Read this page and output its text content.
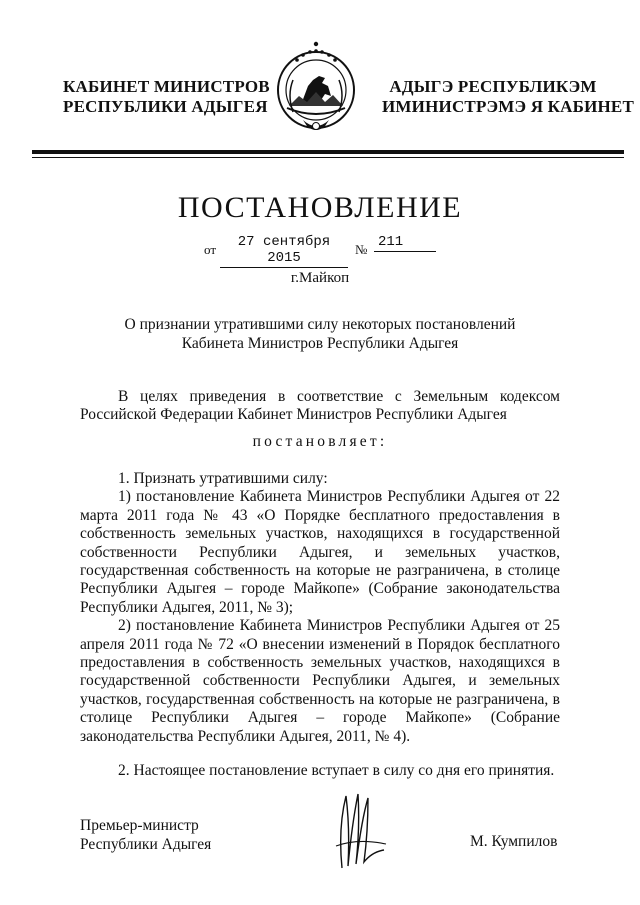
КАБИНЕТ МИНИСТРОВ

РЕСПУБЛИКИ АДЫГЕЯ

АДЫГЭ РЕСПУБЛИКЭМ

ИМИНИСТРЭМЭ Я КАБИНЕТ

ПОСТАНОВЛЕНИЕ
от	27 сентября 2015
№ 211
г.Майкоп
О признании утратившими силу некоторых постановлений
Кабинета Министров Республики Адыгея

В целях приведения в соответствие с Земельным кодексом Российской Федерации Кабинет Министров Республики Адыгея

постановляет:

1. Признать утратившими силу:

1) постановление Кабинета Министров Республики Адыгея от 22 марта 2011 года № 43 «О Порядке бесплатного предоставления в собственность земельных участков, находящихся в государственной собственности Республики Адыгея, и земельных участков, государственная собственность на которые не разграничена, в столице Республики Адыгея – городе Майкопе» (Собрание законодательства Республики Адыгея, 2011, № 3);

2) постановление Кабинета Министров Республики Адыгея от 25 апреля 2011 года № 72 «О внесении изменений в Порядок бесплатного предоставления в собственность земельных участков, находящихся в государственной собственности Республики Адыгея, и земельных участков, государственная собственность на которые не разграничена, в столице Республики Адыгея – городе Майкопе» (Собрание законодательства Республики Адыгея, 2011, № 4).

2. Настоящее постановление вступает в силу со дня его принятия.

Премьер-министр
Республики Адыгея	М. Кумпилов
